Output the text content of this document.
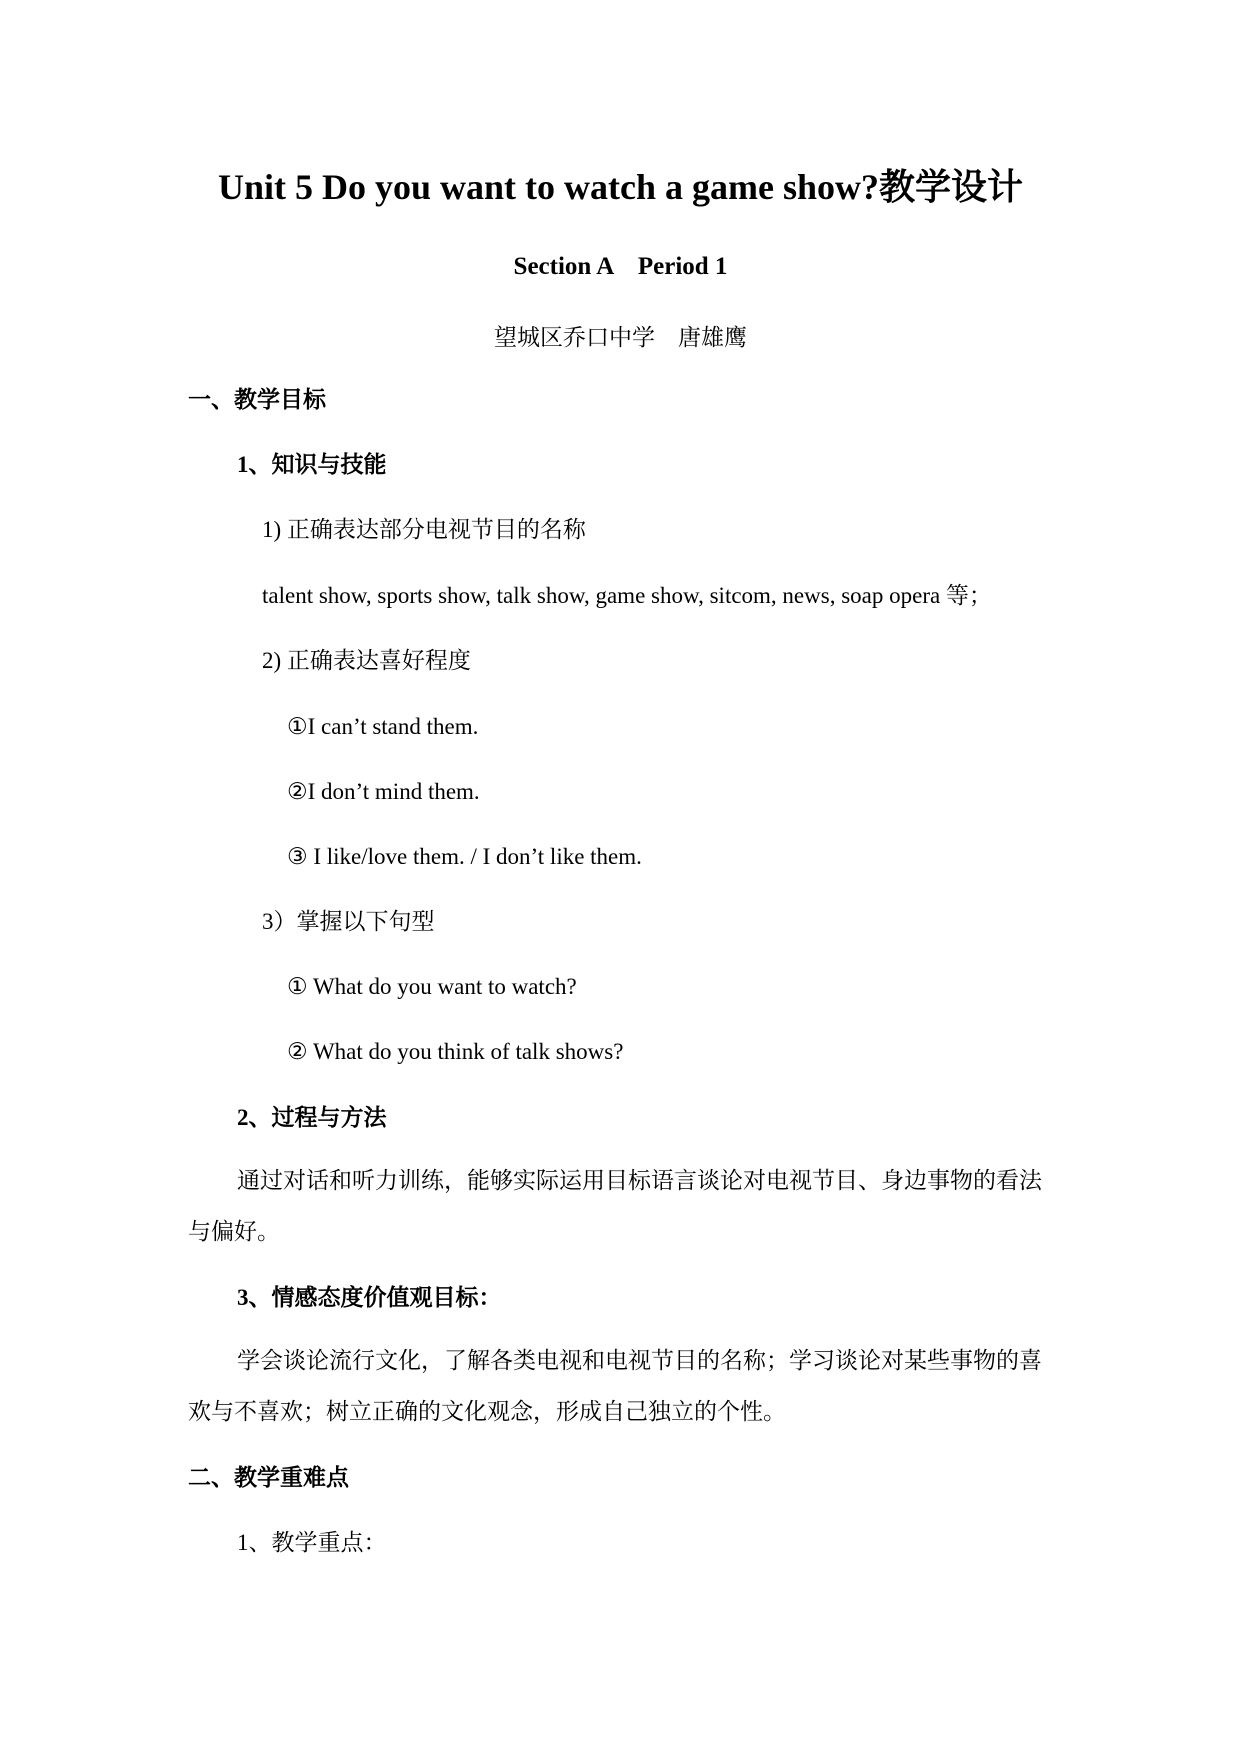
Unit 5 Do you want to watch a game show?教学设计
Section A　Period 1
望城区乔口中学　唐雄鹰
一、教学目标
1、知识与技能
1) 正确表达部分电视节目的名称
talent show, sports show, talk show, game show, sitcom, news, soap opera 等；
2) 正确表达喜好程度
①I can’t stand them.
②I don’t mind them.
③ I like/love them. / I don’t like them.
3）掌握以下句型
① What do you want to watch?
② What do you think of talk shows?
2、过程与方法
通过对话和听力训练，能够实际运用目标语言谈论对电视节目、身边事物的看法与偏好。
3、情感态度价值观目标：
学会谈论流行文化，了解各类电视和电视节目的名称；学习谈论对某些事物的喜欢与不喜欢；树立正确的文化观念，形成自己独立的个性。
二、教学重难点
1、教学重点：
